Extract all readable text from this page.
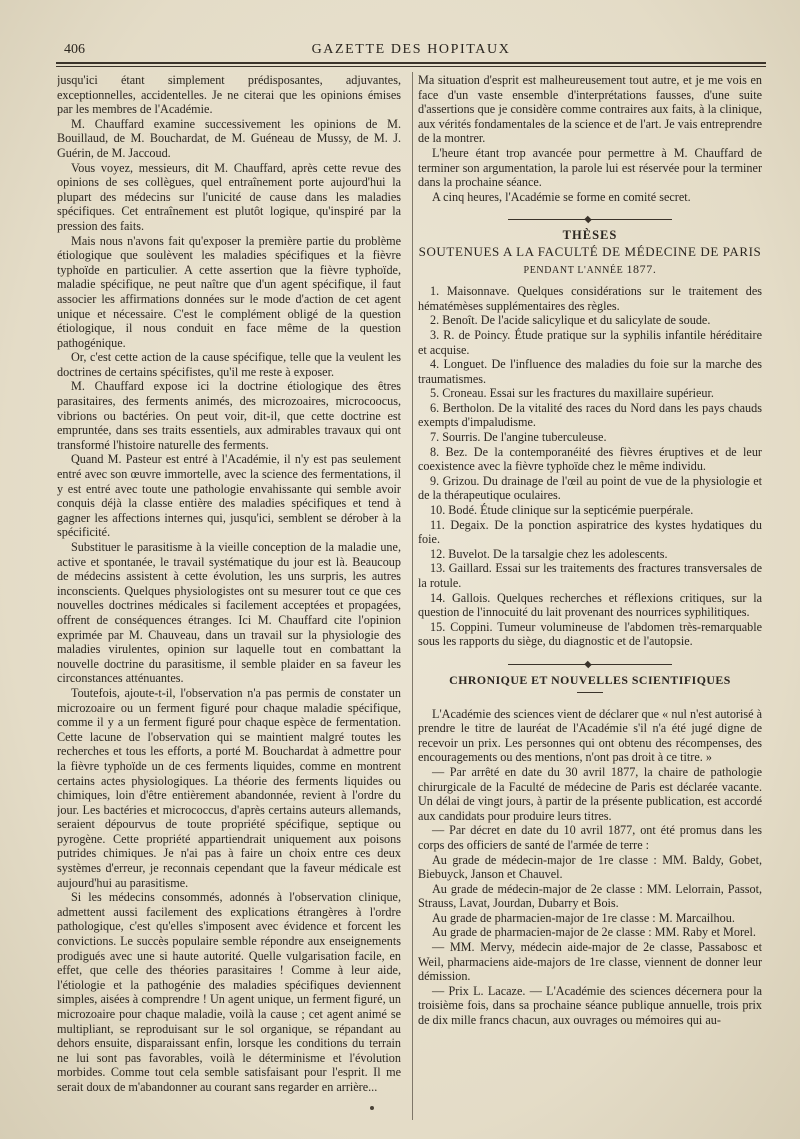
406	GAZETTE DES HOPITAUX

jusqu'ici étant simplement prédisposantes, adjuvantes, exceptionnelles, accidentelles. Je ne citerai que les opinions émises par les membres de l'Académie.

M. Chauffard examine successivement les opinions de M. Bouillaud, de M. Bouchardat, de M. Guéneau de Mussy, de M. J. Guérin, de M. Jaccoud.

Vous voyez, messieurs, dit M. Chauffard, après cette revue des opinions de ses collègues, quel entraînement porte aujourd'hui la plupart des médecins sur l'unicité de cause dans les maladies spécifiques. Cet entraînement est plutôt logique, qu'inspiré par la pression des faits.

Mais nous n'avons fait qu'exposer la première partie du problème étiologique que soulèvent les maladies spécifiques et la fièvre typhoïde en particulier. A cette assertion que la fièvre typhoïde, maladie spécifique, ne peut naître que d'un agent spécifique, il faut associer les affirmations données sur le mode d'action de cet agent unique et nécessaire. C'est le complément obligé de la question étiologique, il nous conduit en face même de la question pathogénique.

Or, c'est cette action de la cause spécifique, telle que la veulent les doctrines de certains spécifistes, qu'il me reste à exposer.

M. Chauffard expose ici la doctrine étiologique des êtres parasitaires, des ferments animés, des microzoaires, microcoocus, vibrions ou bactéries. On peut voir, dit-il, que cette doctrine est empruntée, dans ses traits essentiels, aux admirables travaux qui ont transformé l'histoire naturelle des ferments.

Quand M. Pasteur est entré à l'Académie, il n'y est pas seulement entré avec son œuvre immortelle, avec la science des fermentations, il y est entré avec toute une pathologie envahissante qui semble avoir conquis déjà la classe entière des maladies spécifiques et tend à gagner les affections internes qui, jusqu'ici, semblent se dérober à la spécificité.

Substituer le parasitisme à la vieille conception de la maladie une, active et spontanée, le travail systématique du jour est là. Beaucoup de médecins assistent à cette évolution, les uns surpris, les autres inconscients. Quelques physiologistes ont su mesurer tout ce que ces nouvelles doctrines médicales si facilement acceptées et propagées, offrent de conséquences étranges. Ici M. Chauffard cite l'opinion exprimée par M. Chauveau, dans un travail sur la physiologie des maladies virulentes, opinion sur laquelle tout en combattant la nouvelle doctrine du parasitisme, il semble plaider en sa faveur les circonstances atténuantes.

Toutefois, ajoute-t-il, l'observation n'a pas permis de constater un microzoaire ou un ferment figuré pour chaque maladie spécifique, comme il y a un ferment figuré pour chaque espèce de fermentation. Cette lacune de l'observation qui se maintient malgré toutes les recherches et tous les efforts, a porté M. Bouchardat à admettre pour la fièvre typhoïde un de ces ferments liquides, comme en montrent certains actes physiologiques. La théorie des ferments liquides ou chimiques, loin d'être entièrement abandonnée, revient à l'ordre du jour. Les bactéries et micrococcus, d'après certains auteurs allemands, seraient dépourvus de toute propriété spécifique, septique ou pyrogène. Cette propriété appartiendrait uniquement aux poisons putrides chimiques. Je n'ai pas à faire un choix entre ces deux systèmes d'erreur, je reconnais cependant que la faveur médicale est aujourd'hui au parasitisme.

Si les médecins consommés, adonnés à l'observation clinique, admettent aussi facilement des explications étrangères à l'ordre pathologique, c'est qu'elles s'imposent avec évidence et forcent les convictions. Le succès populaire semble répondre aux enseignements prodigués avec une si haute autorité. Quelle vulgarisation facile, en effet, que celle des théories parasitaires ! Comme à leur aide, l'étiologie et la pathogénie des maladies spécifiques deviennent simples, aisées à comprendre ! Un agent unique, un ferment figuré, un microzoaire pour chaque maladie, voilà la cause ; cet agent animé se multipliant, se reproduisant sur le sol organique, se répandant au dehors ensuite, disparaissant enfin, lorsque les conditions du terrain ne lui sont pas favorables, voilà le déterminisme et l'évolution morbides. Comme tout cela semble satisfaisant pour l'esprit. Il me serait doux de m'abandonner au courant sans regarder en arrière...

Ma situation d'esprit est malheureusement tout autre, et je me vois en face d'un vaste ensemble d'interprétations fausses, d'une suite d'assertions que je considère comme contraires aux faits, à la clinique, aux vérités fondamentales de la science et de l'art. Je vais entreprendre de la montrer.

L'heure étant trop avancée pour permettre à M. Chauffard de terminer son argumentation, la parole lui est réservée pour la terminer dans la prochaine séance.

A cinq heures, l'Académie se forme en comité secret.

THÈSES
SOUTENUES A LA FACULTÉ DE MÉDECINE DE PARIS
PENDANT L'ANNÉE 1877.

1. Maisonnave. Quelques considérations sur le traitement des hématémèses supplémentaires des règles.

2. Benoît. De l'acide salicylique et du salicylate de soude.

3. R. de Poincy. Étude pratique sur la syphilis infantile héréditaire et acquise.

4. Longuet. De l'influence des maladies du foie sur la marche des traumatismes.

5. Croneau. Essai sur les fractures du maxillaire supérieur.

6. Bertholon. De la vitalité des races du Nord dans les pays chauds exempts d'impaludisme.

7. Sourris. De l'angine tuberculeuse.

8. Bez. De la contemporanéité des fièvres éruptives et de leur coexistence avec la fièvre typhoïde chez le même individu.

9. Grizou. Du drainage de l'œil au point de vue de la physiologie et de la thérapeutique oculaires.

10. Bodé. Étude clinique sur la septicémie puerpérale.

11. Degaix. De la ponction aspiratrice des kystes hydatiques du foie.

12. Buvelot. De la tarsalgie chez les adolescents.

13. Gaillard. Essai sur les traitements des fractures transversales de la rotule.

14. Gallois. Quelques recherches et réflexions critiques, sur la question de l'innocuité du lait provenant des nourrices syphilitiques.

15. Coppini. Tumeur volumineuse de l'abdomen très-remarquable sous les rapports du siège, du diagnostic et de l'autopsie.

CHRONIQUE ET NOUVELLES SCIENTIFIQUES

L'Académie des sciences vient de déclarer que « nul n'est autorisé à prendre le titre de lauréat de l'Académie s'il n'a été jugé digne de recevoir un prix. Les personnes qui ont obtenu des récompenses, des encouragements ou des mentions, n'ont pas droit à ce titre. »

— Par arrêté en date du 30 avril 1877, la chaire de pathologie chirurgicale de la Faculté de médecine de Paris est déclarée vacante. Un délai de vingt jours, à partir de la présente publication, est accordé aux candidats pour produire leurs titres.

— Par décret en date du 10 avril 1877, ont été promus dans les corps des officiers de santé de l'armée de terre :

Au grade de médecin-major de 1re classe : MM. Baldy, Gobet, Biebuyck, Janson et Chauvel.

Au grade de médecin-major de 2e classe : MM. Lelorrain, Passot, Strauss, Lavat, Jourdan, Dubarry et Bois.

Au grade de pharmacien-major de 1re classe : M. Marcailhou.

Au grade de pharmacien-major de 2e classe : MM. Raby et Morel.

— MM. Mervy, médecin aide-major de 2e classe, Passabosc et Weil, pharmaciens aide-majors de 1re classe, viennent de donner leur démission.

— Prix L. Lacaze. — L'Académie des sciences décernera pour la troisième fois, dans sa prochaine séance publique annuelle, trois prix de dix mille francs chacun, aux ouvrages ou mémoires qui au-
